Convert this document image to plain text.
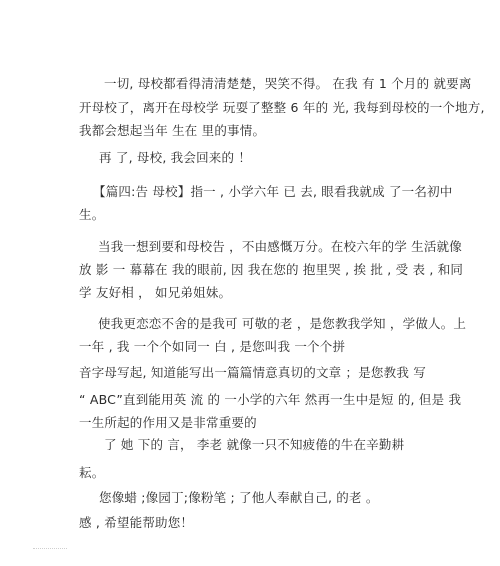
一切, 母校都看得清清楚楚，哭笑不得。 在我 有 1 个月的 就要离
开母校了，离开在母校学 玩耍了整整 6 年的 光, 我每到母校的一个地方,
我都会想起当年 生在 里的事情。
再 了, 母校, 我会回来的 ！
【篇四:告 母校】指一 , 小学六年 已 去, 眼看我就成 了一名初中
生。
当我一想到要和母校告 ，不由感慨万分。在校六年的学 生活就像
放 影 一 幕幕在 我的眼前, 因 我在您的 抱里哭 , 挨 批 , 受 表 , 和同
学 友好相 ， 如兄弟姐妹。
使我更恋恋不舍的是我可 可敬的老 ，是您教我学知 ，学做人。上
一年 , 我 一个个如同一 白 , 是您叫我 一个个拼
音字母写起, 知道能写出一篇篇情意真切的文章 ；是您教我 写
“ ABC”直到能用英 流 的 一小学的六年 然再一生中是短 的, 但是 我
一生所起的作用又是非常重要的
了 她 下的 言， 李老 就像一只不知疲倦的牛在辛勤耕
耘。
您像蜡 ;像园丁;像粉笔 ; 了他人奉献自己, 的老 。
感 , 希望能帮助您！
